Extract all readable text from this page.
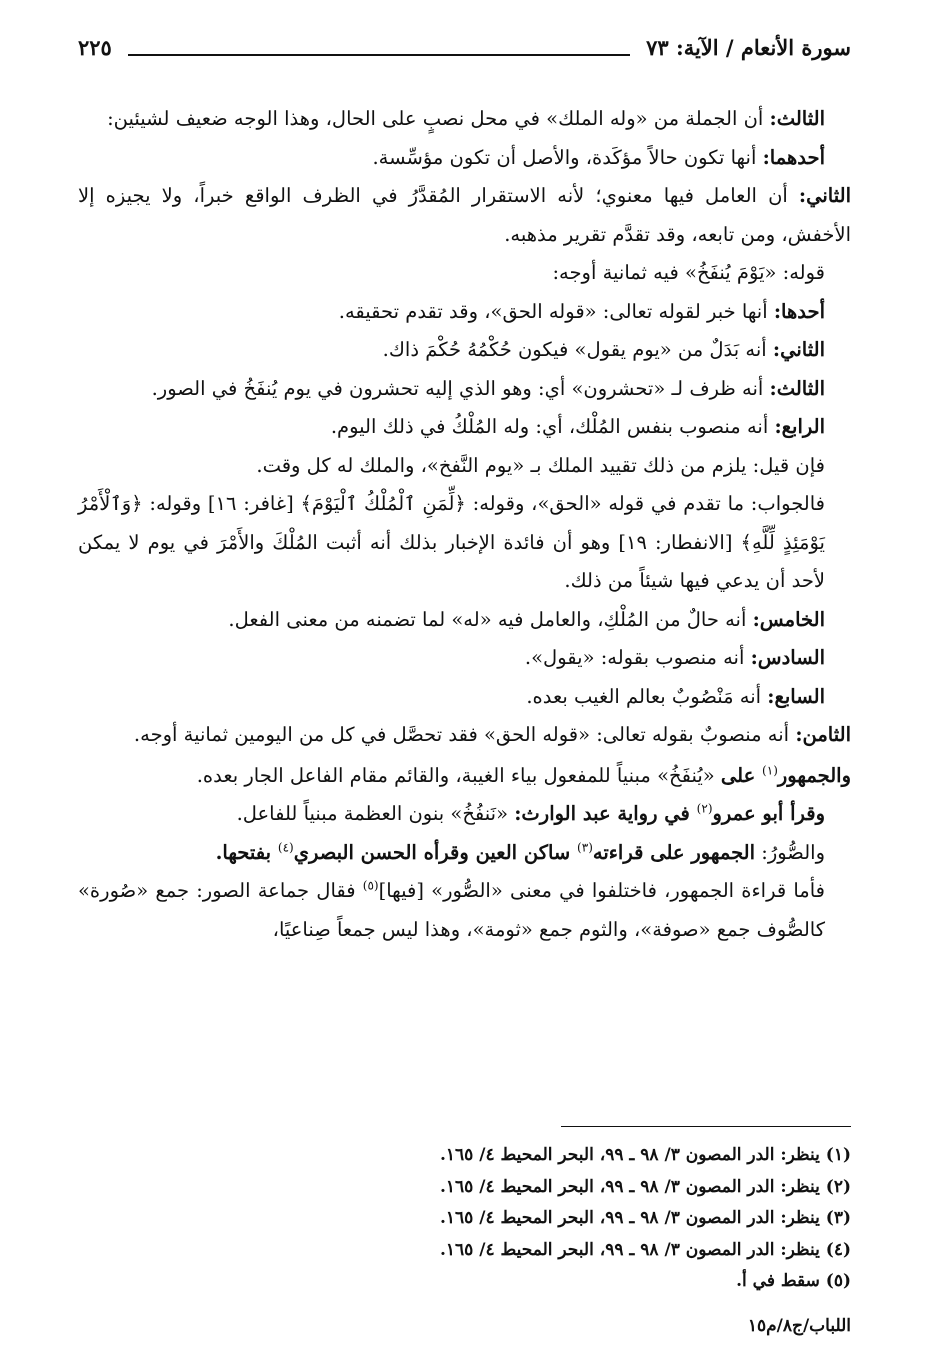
سورة الأنعام / الآية: ٧٣
٢٢٥

الثالث: أن الجملة من «وله الملك» في محل نصبٍ على الحال، وهذا الوجه ضعيف لشيئين:

أحدهما: أنها تكون حالاً مؤكَدة، والأصل أن تكون مؤسِّسة.

الثاني: أن العامل فيها معنوي؛ لأنه الاستقرار المُقدَّرُ في الظرف الواقع خبراً، ولا يجيزه إلا الأخفش، ومن تابعه، وقد تقدَّم تقرير مذهبه.

قوله: «يَوْمَ يُنفَخُ» فيه ثمانية أوجه:

أحدها: أنها خبر لقوله تعالى: «قوله الحق»، وقد تقدم تحقيقه.

الثاني: أنه بَدَلٌ من «يوم يقول» فيكون حُكْمُهُ حُكْمَ ذاك.

الثالث: أنه ظرف لـ «تحشرون» أي: وهو الذي إليه تحشرون في يوم يُنفَخُ في الصور.

الرابع: أنه منصوب بنفس المُلْك، أي: وله المُلْكُ في ذلك اليوم.

فإن قيل: يلزم من ذلك تقييد الملك بـ «يوم النَّفخ»، والملك له كل وقت.

فالجواب: ما تقدم في قوله «الحق»، وقوله: ﴿لِّمَنِ ٱلْمُلْكُ ٱلْيَوْمَ﴾ [غافر: ١٦] وقوله: ﴿وَٱلْأَمْرُ يَوْمَئِذٍ لِّلَّهِ﴾ [الانفطار: ١٩] وهو أن فائدة الإخبار بذلك أنه أثبت المُلْكَ والأَمْرَ في يوم لا يمكن لأحد أن يدعي فيها شيئاً من ذلك.

الخامس: أنه حالٌ من المُلْكِ، والعامل فيه «له» لما تضمنه من معنى الفعل.

السادس: أنه منصوب بقوله: «يقول».

السابع: أنه مَنْصُوبٌ بعالم الغيب بعده.

الثامن: أنه منصوبٌ بقوله تعالى: «قوله الحق» فقد تحصَّل في كل من اليومين ثمانية أوجه.

والجمهور$^{(١)}$ على «يُنفَخُ» مبنياً للمفعول بياء الغيبة، والقائم مقام الفاعل الجار بعده.

وقرأ أبو عمرو$^{(٢)}$ في رواية عبد الوارث: «نَنفُخُ» بنون العظمة مبنياً للفاعل.

والصُّورُ: الجمهور على قراءته$^{(٣)}$ ساكن العين وقرأه الحسن البصري$^{(٤)}$ بفتحها.

فأما قراءة الجمهور، فاختلفوا في معنى «الصُّور» [فيها]$^{(٥)}$ فقال جماعة الصور: جمع «صُورة» كالصُّوف جمع «صوفة»، والثوم جمع «ثومة»، وهذا ليس جمعاً صِناعيًا،

(١) ينظر: الدر المصون ٣/ ٩٨ ـ ٩٩، البحر المحيط ٤/ ١٦٥.

(٢) ينظر: الدر المصون ٣/ ٩٨ ـ ٩٩، البحر المحيط ٤/ ١٦٥.

(٣) ينظر: الدر المصون ٣/ ٩٨ ـ ٩٩، البحر المحيط ٤/ ١٦٥.

(٤) ينظر: الدر المصون ٣/ ٩٨ ـ ٩٩، البحر المحيط ٤/ ١٦٥.

(٥) سقط في أ.

اللباب/ج٨/م١٥
